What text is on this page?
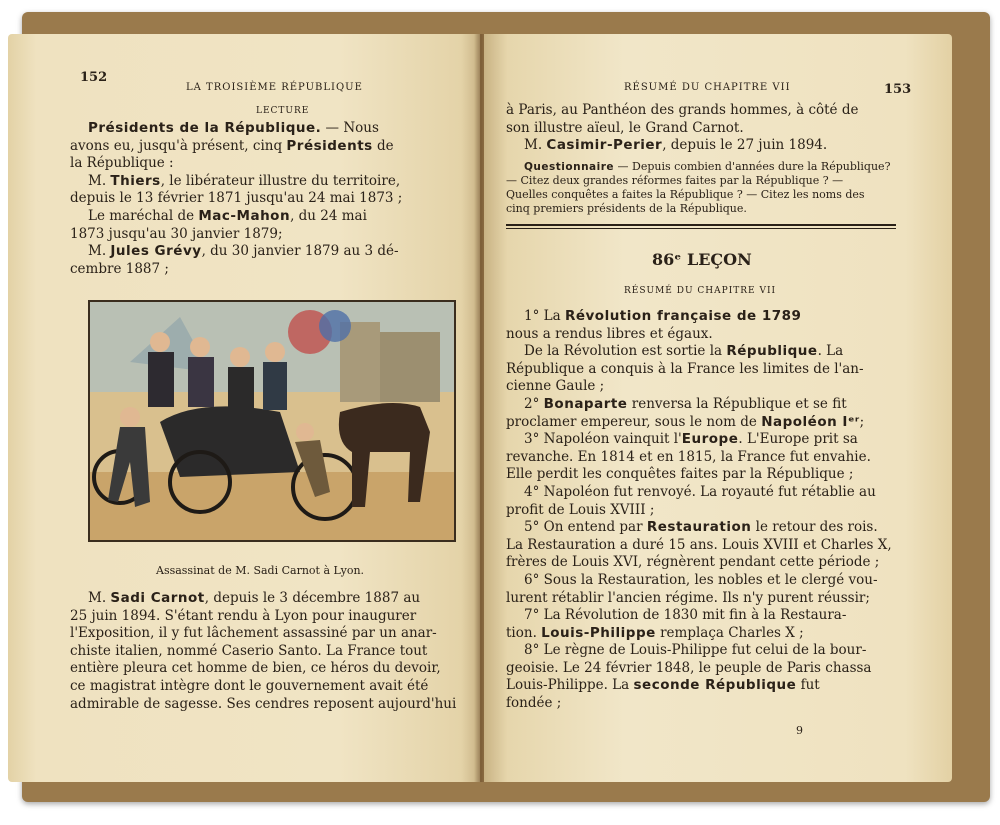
152
LA TROISIÈME RÉPUBLIQUE
LECTURE

Présidents de la République. — Nous

avons eu, jusqu'à présent, cinq Présidents de

la République :

M. Thiers, le libérateur illustre du territoire,

depuis le 13 février 1871 jusqu'au 24 mai 1873 ;

Le maréchal de Mac-Mahon, du 24 mai

1873 jusqu'au 30 janvier 1879;

M. Jules Grévy, du 30 janvier 1879 au 3 dé-

cembre 1887 ;

Assassinat de M. Sadi Carnot à Lyon.

M. Sadi Carnot, depuis le 3 décembre 1887 au

25 juin 1894. S'étant rendu à Lyon pour inaugurer

l'Exposition, il y fut lâchement assassiné par un anar-

chiste italien, nommé Caserio Santo. La France tout

entière pleura cet homme de bien, ce héros du devoir,

ce magistrat intègre dont le gouvernement avait été

admirable de sagesse. Ses cendres reposent aujourd'hui

RÉSUMÉ DU CHAPITRE VII	153

à Paris, au Panthéon des grands hommes, à côté de

son illustre aïeul, le Grand Carnot.

M. Casimir-Perier, depuis le 27 juin 1894.

Questionnaire — Depuis combien d'années dure la République?

— Citez deux grandes réformes faites par la République ? —

Quelles conquêtes a faites la République ? — Citez les noms des

cinq premiers présidents de la République.

86ᵉ LEÇON
RÉSUMÉ DU CHAPITRE VII

1° La Révolution française de 1789

nous a rendus libres et égaux.

De la Révolution est sortie la République. La

République a conquis à la France les limites de l'an-

cienne Gaule ;

2° Bonaparte renversa la République et se fit

proclamer empereur, sous le nom de Napoléon Iᵉʳ;

3° Napoléon vainquit l'Europe. L'Europe prit sa

revanche. En 1814 et en 1815, la France fut envahie.

Elle perdit les conquêtes faites par la République ;

4° Napoléon fut renvoyé. La royauté fut rétablie au

profit de Louis XVIII ;

5° On entend par Restauration le retour des rois.

La Restauration a duré 15 ans. Louis XVIII et Charles X,

frères de Louis XVI, régnèrent pendant cette période ;

6° Sous la Restauration, les nobles et le clergé vou-

lurent rétablir l'ancien régime. Ils n'y purent réussir;

7° La Révolution de 1830 mit fin à la Restaura-

tion. Louis-Philippe remplaça Charles X ;

8° Le règne de Louis-Philippe fut celui de la bour-

geoisie. Le 24 février 1848, le peuple de Paris chassa

Louis-Philippe. La seconde République fut

fondée ;

9
